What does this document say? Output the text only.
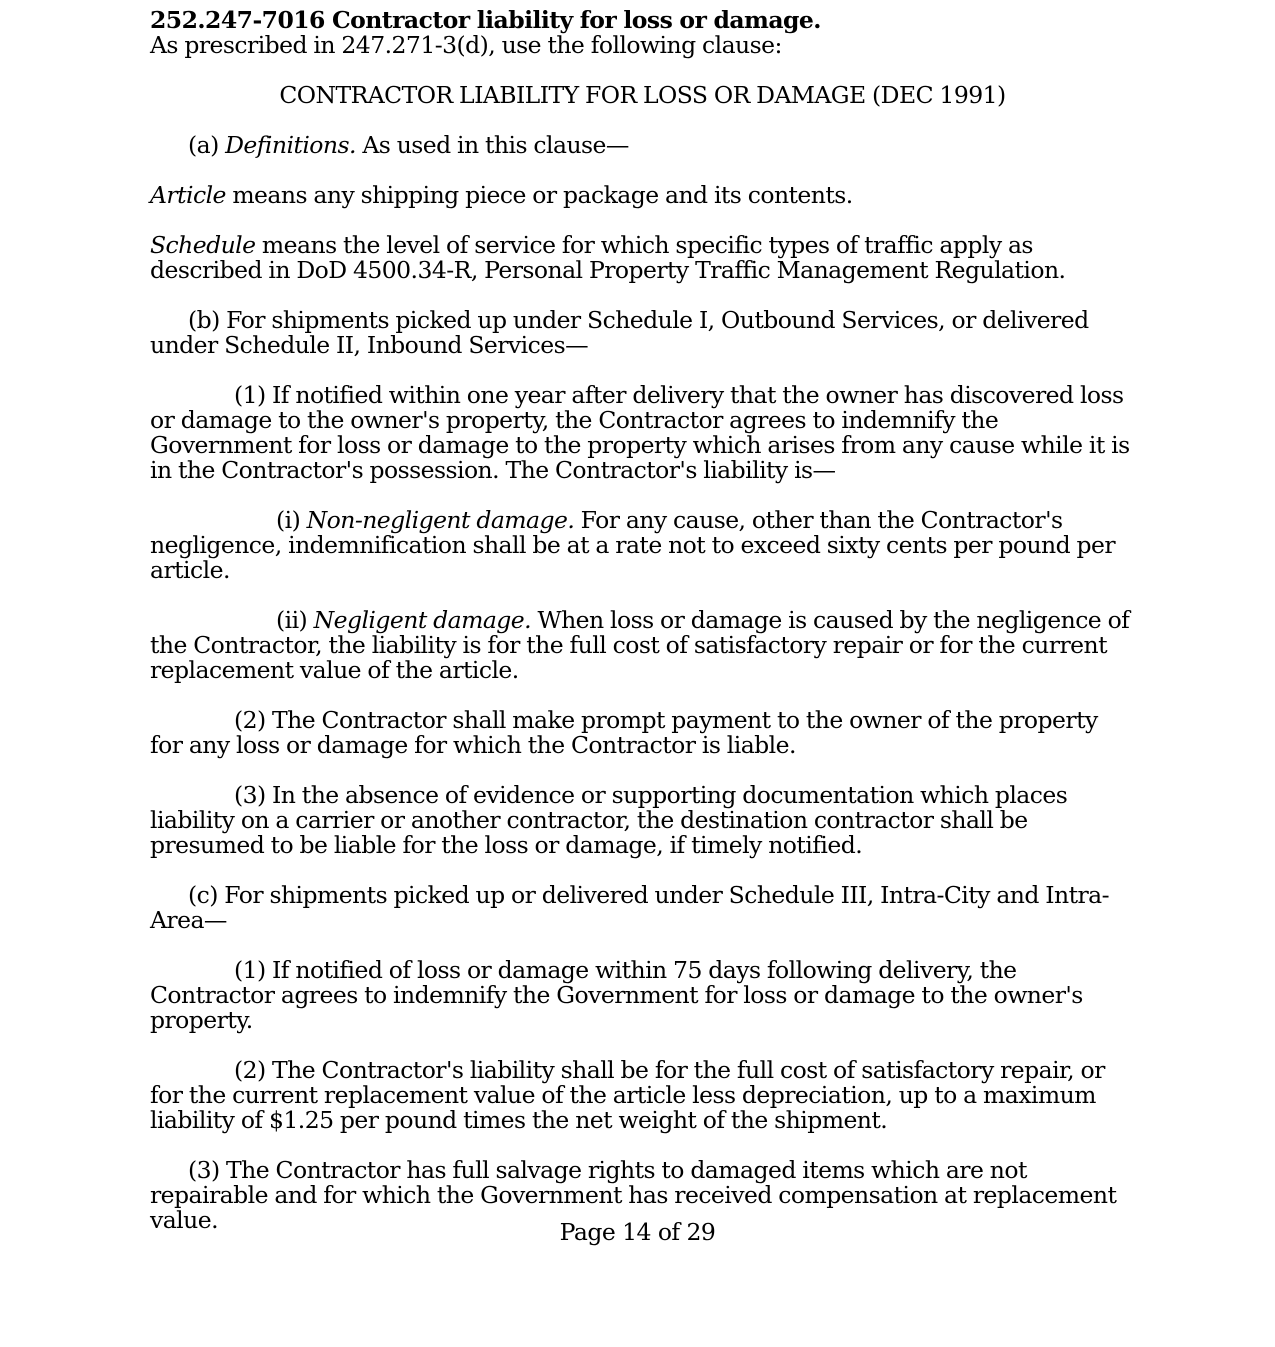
252.247-7016 Contractor liability for loss or damage.

As prescribed in 247.271-3(d), use the following clause:

CONTRACTOR LIABILITY FOR LOSS OR DAMAGE (DEC 1991)

(a) Definitions. As used in this clause—

Article means any shipping piece or package and its contents.

Schedule means the level of service for which specific types of traffic apply as described in DoD 4500.34-R, Personal Property Traffic Management Regulation.

(b) For shipments picked up under Schedule I, Outbound Services, or delivered under Schedule II, Inbound Services—

(1) If notified within one year after delivery that the owner has discovered loss or damage to the owner's property, the Contractor agrees to indemnify the Government for loss or damage to the property which arises from any cause while it is in the Contractor's possession. The Contractor's liability is—

(i) Non-negligent damage. For any cause, other than the Contractor's negligence, indemnification shall be at a rate not to exceed sixty cents per pound per article.

(ii) Negligent damage. When loss or damage is caused by the negligence of the Contractor, the liability is for the full cost of satisfactory repair or for the current replacement value of the article.

(2) The Contractor shall make prompt payment to the owner of the property for any loss or damage for which the Contractor is liable.

(3) In the absence of evidence or supporting documentation which places liability on a carrier or another contractor, the destination contractor shall be presumed to be liable for the loss or damage, if timely notified.

(c) For shipments picked up or delivered under Schedule III, Intra-City and Intra-Area—

(1) If notified of loss or damage within 75 days following delivery, the Contractor agrees to indemnify the Government for loss or damage to the owner's property.

(2) The Contractor's liability shall be for the full cost of satisfactory repair, or for the current replacement value of the article less depreciation, up to a maximum liability of $1.25 per pound times the net weight of the shipment.

(3) The Contractor has full salvage rights to damaged items which are not repairable and for which the Government has received compensation at replacement value.	Page 14 of 29
